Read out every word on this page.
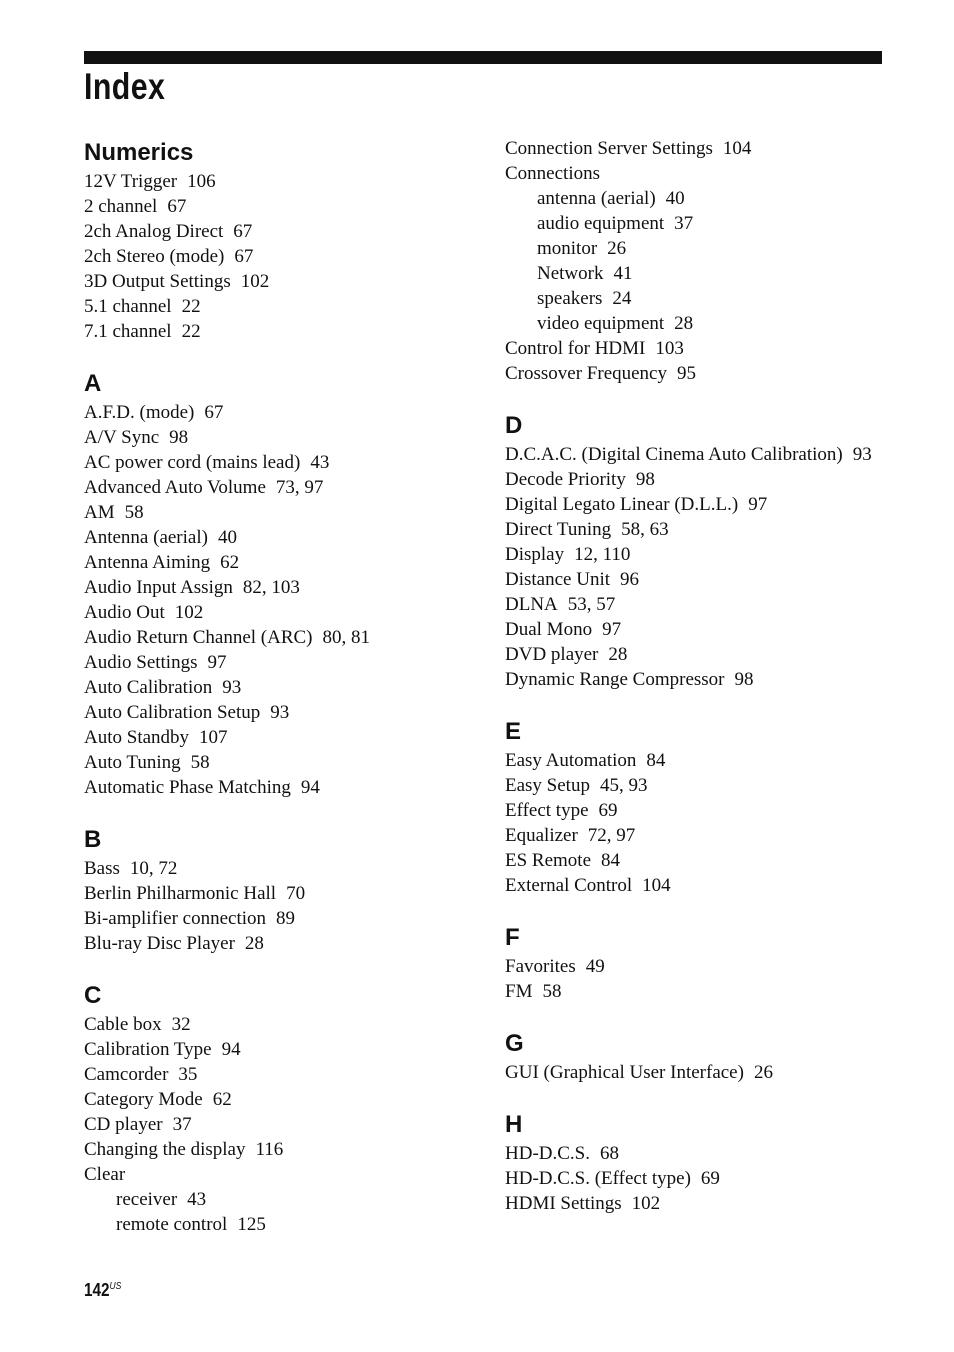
Index
Numerics
12V Trigger 106
2 channel 67
2ch Analog Direct 67
2ch Stereo (mode) 67
3D Output Settings 102
5.1 channel 22
7.1 channel 22
A
A.F.D. (mode) 67
A/V Sync 98
AC power cord (mains lead) 43
Advanced Auto Volume 73, 97
AM 58
Antenna (aerial) 40
Antenna Aiming 62
Audio Input Assign 82, 103
Audio Out 102
Audio Return Channel (ARC) 80, 81
Audio Settings 97
Auto Calibration 93
Auto Calibration Setup 93
Auto Standby 107
Auto Tuning 58
Automatic Phase Matching 94
B
Bass 10, 72
Berlin Philharmonic Hall 70
Bi-amplifier connection 89
Blu-ray Disc Player 28
C
Cable box 32
Calibration Type 94
Camcorder 35
Category Mode 62
CD player 37
Changing the display 116
Clear
receiver 43
remote control 125
Connection Server Settings 104
Connections
antenna (aerial) 40
audio equipment 37
monitor 26
Network 41
speakers 24
video equipment 28
Control for HDMI 103
Crossover Frequency 95
D
D.C.A.C. (Digital Cinema Auto Calibration) 93
Decode Priority 98
Digital Legato Linear (D.L.L.) 97
Direct Tuning 58, 63
Display 12, 110
Distance Unit 96
DLNA 53, 57
Dual Mono 97
DVD player 28
Dynamic Range Compressor 98
E
Easy Automation 84
Easy Setup 45, 93
Effect type 69
Equalizer 72, 97
ES Remote 84
External Control 104
F
Favorites 49
FM 58
G
GUI (Graphical User Interface) 26
H
HD-D.C.S. 68
HD-D.C.S. (Effect type) 69
HDMI Settings 102
$142^{US}$
